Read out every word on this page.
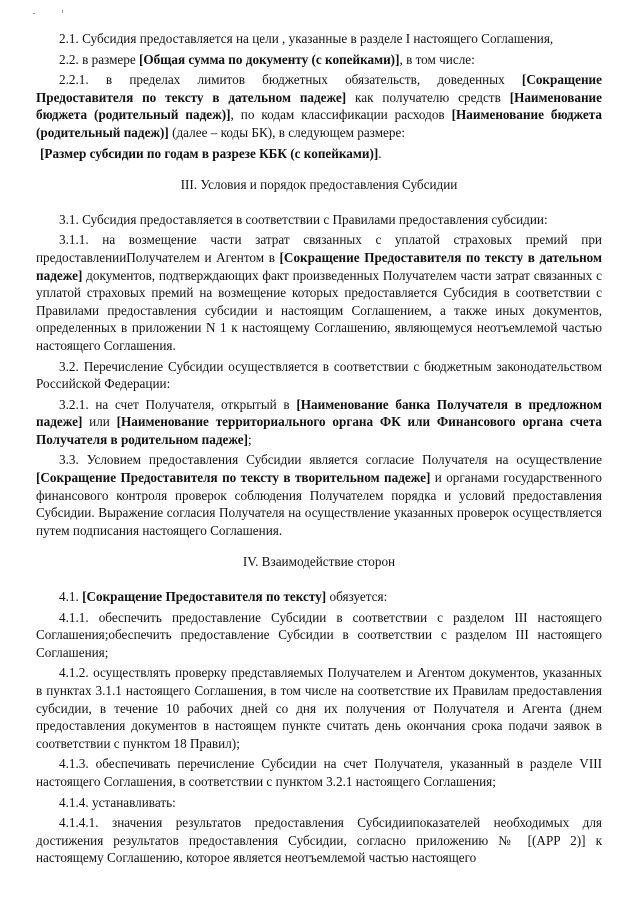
2.1. Субсидия предоставляется на цели , указанные в разделе I настоящего Соглашения,

2.2. в размере [Общая сумма по документу (с копейками)], в том числе:

2.2.1. в пределах лимитов бюджетных обязательств, доведенных [Сокращение Предоставителя по тексту в дательном падеже] как получателю средств [Наименование бюджета (родительный падеж)], по кодам классификации расходов [Наименование бюджета (родительный падеж)] (далее – коды БК), в следующем размере:

[Размер субсидии по годам в разрезе КБК (с копейками)].

III. Условия и порядок предоставления Субсидии

3.1. Субсидия предоставляется в соответствии с Правилами предоставления субсидии:

3.1.1. на возмещение части затрат связанных с уплатой страховых премий при предоставленииПолучателем и Агентом в [Сокращение Предоставителя по тексту в дательном падеже] документов, подтверждающих факт произведенных Получателем части затрат связанных с уплатой страховых премий на возмещение которых предоставляется Субсидия в соответствии с Правилами предоставления субсидии и настоящим Соглашением, а также иных документов, определенных в приложении N 1 к настоящему Соглашению, являющемуся неотъемлемой частью настоящего Соглашения.

3.2. Перечисление Субсидии осуществляется в соответствии с бюджетным законодательством Российской Федерации:

3.2.1. на счет Получателя, открытый в [Наименование банка Получателя в предложном падеже] или [Наименование территориального органа ФК или Финансового органа счета Получателя в родительном падеже];

3.3. Условием предоставления Субсидии является согласие Получателя на осуществление [Сокращение Предоставителя по тексту в творительном падеже] и органами государственного финансового контроля проверок соблюдения Получателем порядка и условий предоставления Субсидии. Выражение согласия Получателя на осуществление указанных проверок осуществляется путем подписания настоящего Соглашения.

IV. Взаимодействие сторон

4.1. [Сокращение Предоставителя по тексту] обязуется:

4.1.1. обеспечить предоставление Субсидии в соответствии с разделом III настоящего Соглашения;обеспечить предоставление Субсидии в соответствии с разделом III настоящего Соглашения;

4.1.2. осуществлять проверку представляемых Получателем и Агентом документов, указанных в пунктах 3.1.1 настоящего Соглашения, в том числе на соответствие их Правилам предоставления субсидии, в течение 10 рабочих дней со дня их получения от Получателя и Агента (днем предоставления документов в настоящем пункте считать день окончания срока подачи заявок в соответствии с пунктом 18 Правил);

4.1.3. обеспечивать перечисление Субсидии на счет Получателя, указанный в разделе VIII настоящего Соглашения, в соответствии с пунктом 3.2.1 настоящего Соглашения;

4.1.4. устанавливать:

4.1.4.1. значения результатов предоставления Субсидиипоказателей необходимых для достижения результатов предоставления Субсидии, согласно приложению № [(APP 2)] к настоящему Соглашению, которое является неотъемлемой частью настоящего
